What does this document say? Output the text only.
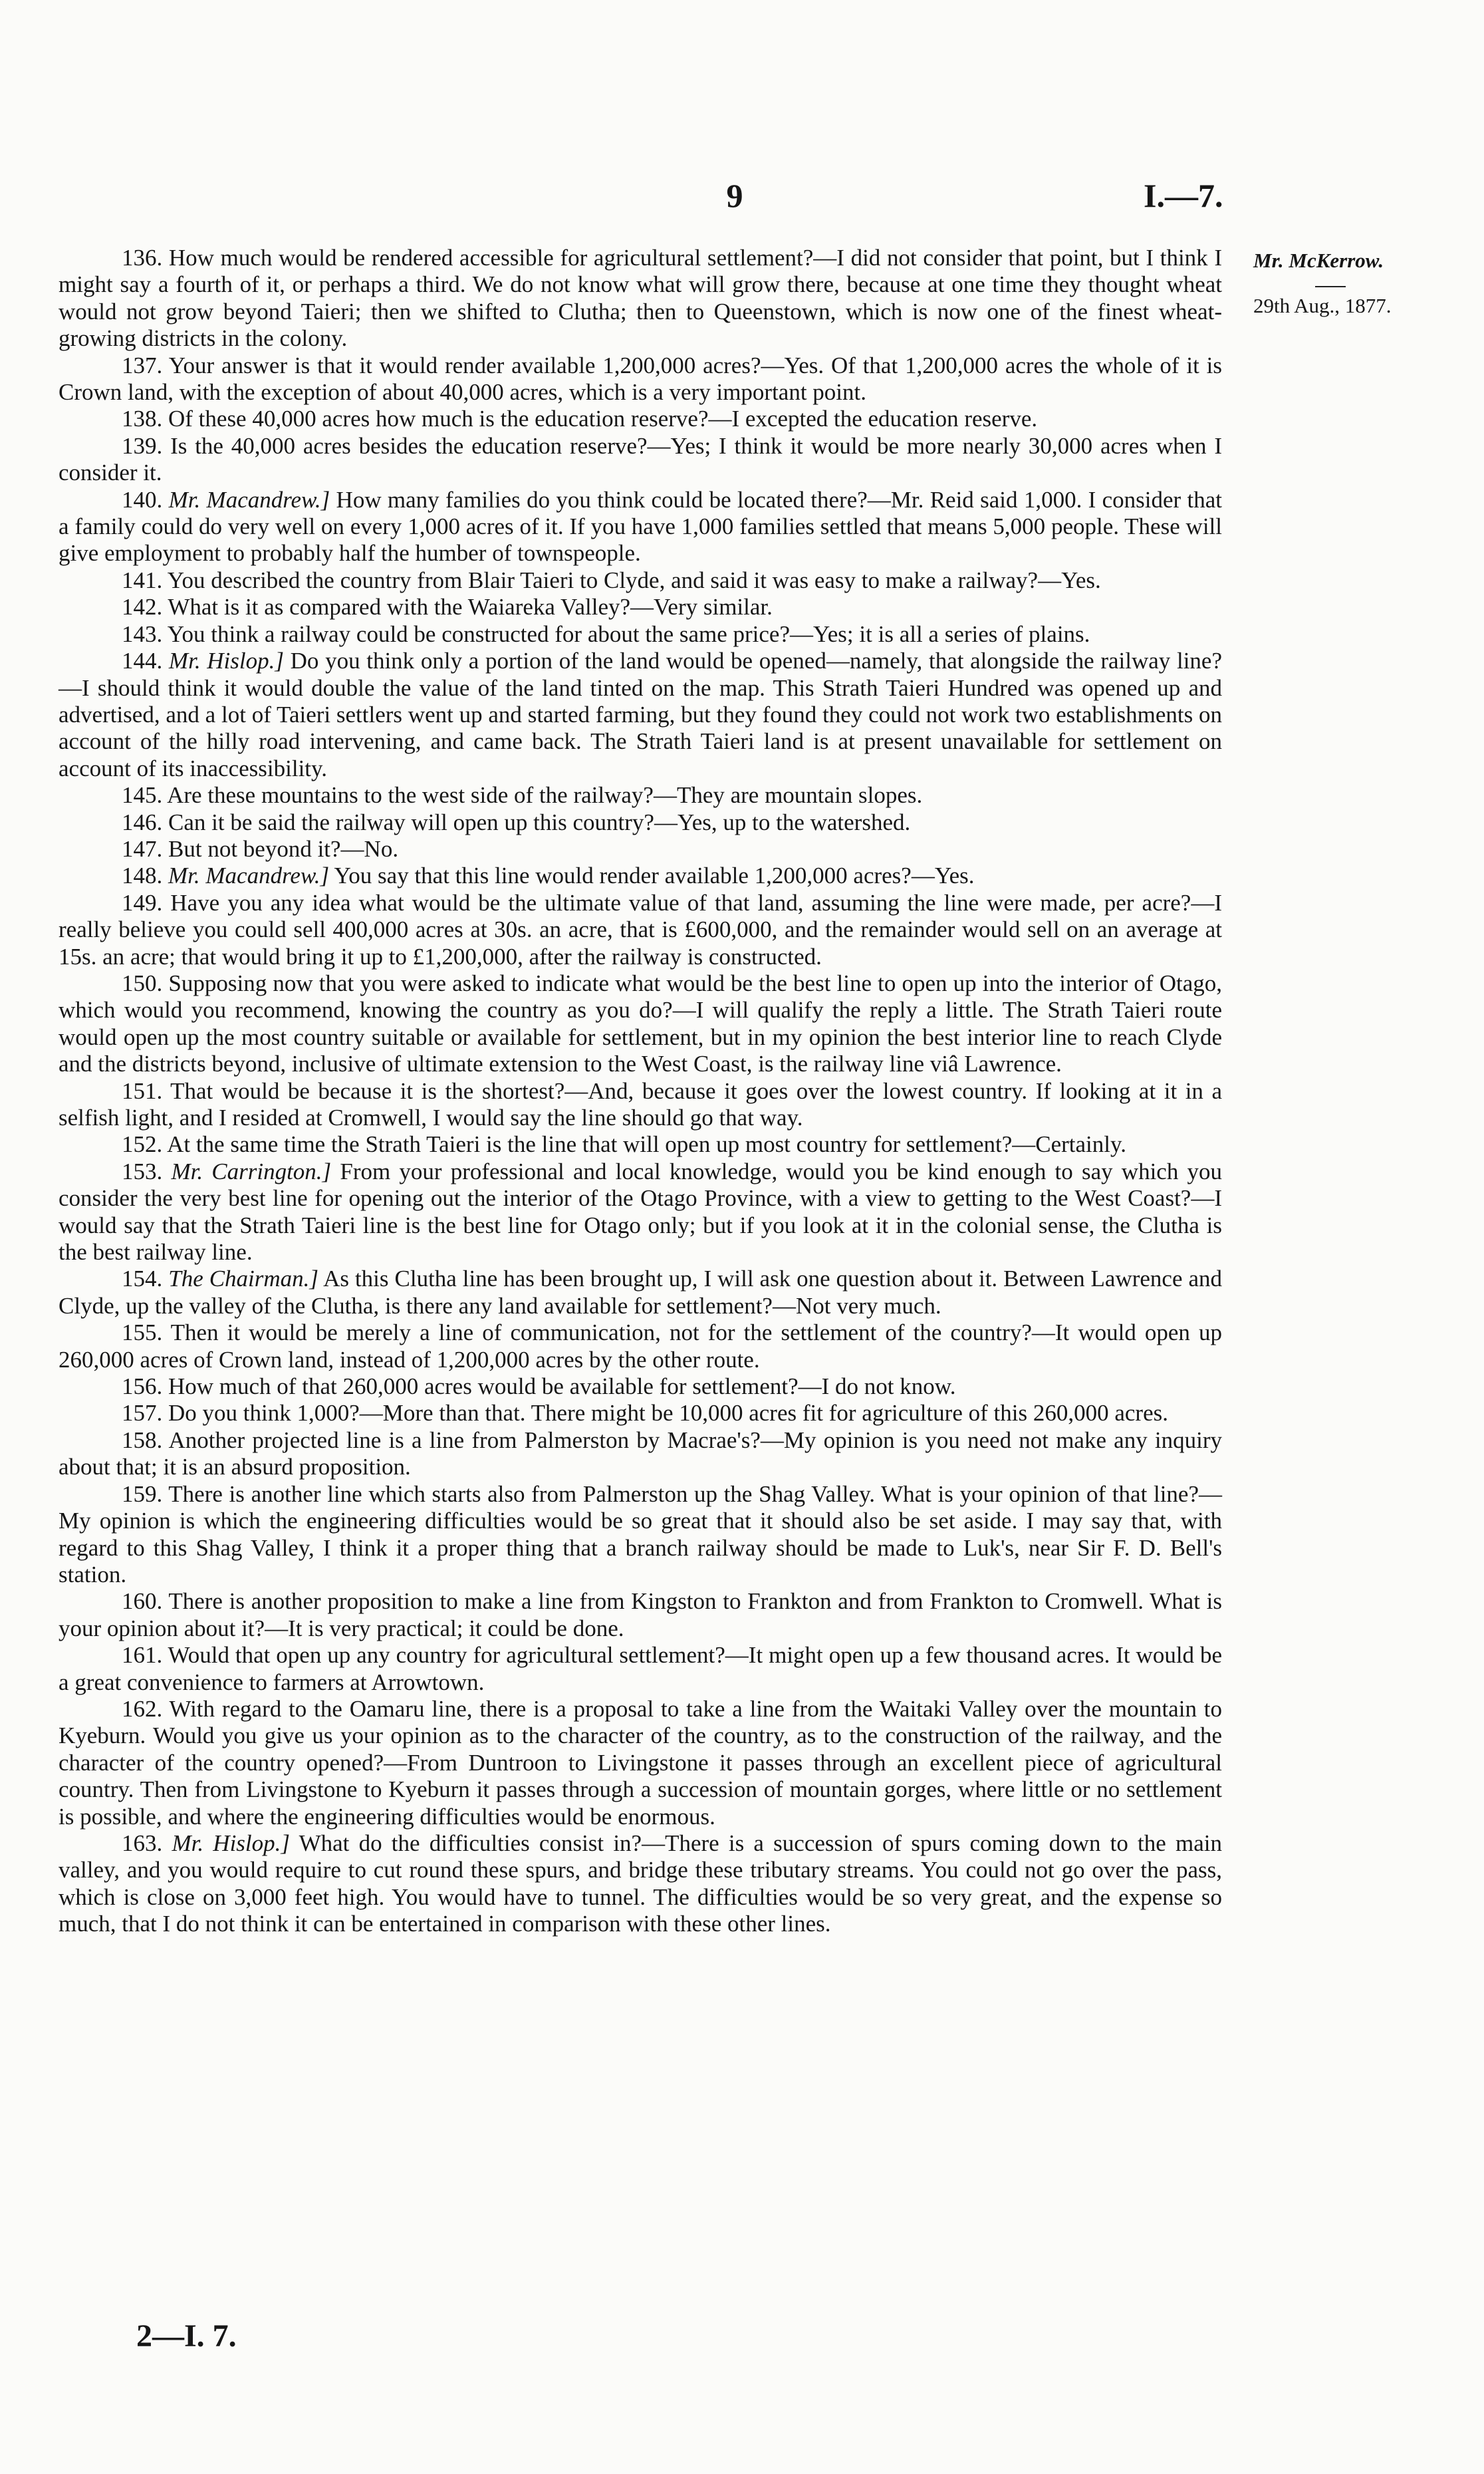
9	I.—7.
Mr. McKerrow.
29th Aug., 1877.

136. How much would be rendered accessible for agricultural settlement?—I did not consider that point, but I think I might say a fourth of it, or perhaps a third. We do not know what will grow there, because at one time they thought wheat would not grow beyond Taieri; then we shifted to Clutha; then to Queenstown, which is now one of the finest wheat-growing districts in the colony.

137. Your answer is that it would render available 1,200,000 acres?—Yes. Of that 1,200,000 acres the whole of it is Crown land, with the exception of about 40,000 acres, which is a very important point.

138. Of these 40,000 acres how much is the education reserve?—I excepted the education reserve.

139. Is the 40,000 acres besides the education reserve?—Yes; I think it would be more nearly 30,000 acres when I consider it.

140. Mr. Macandrew.] How many families do you think could be located there?—Mr. Reid said 1,000. I consider that a family could do very well on every 1,000 acres of it. If you have 1,000 families settled that means 5,000 people. These will give employment to probably half the humber of townspeople.

141. You described the country from Blair Taieri to Clyde, and said it was easy to make a railway?—Yes.

142. What is it as compared with the Waiareka Valley?—Very similar.

143. You think a railway could be constructed for about the same price?—Yes; it is all a series of plains.

144. Mr. Hislop.] Do you think only a portion of the land would be opened—namely, that alongside the railway line?—I should think it would double the value of the land tinted on the map. This Strath Taieri Hundred was opened up and advertised, and a lot of Taieri settlers went up and started farming, but they found they could not work two establishments on account of the hilly road intervening, and came back. The Strath Taieri land is at present unavailable for settlement on account of its inaccessibility.

145. Are these mountains to the west side of the railway?—They are mountain slopes.

146. Can it be said the railway will open up this country?—Yes, up to the watershed.

147. But not beyond it?—No.

148. Mr. Macandrew.] You say that this line would render available 1,200,000 acres?—Yes.

149. Have you any idea what would be the ultimate value of that land, assuming the line were made, per acre?—I really believe you could sell 400,000 acres at 30s. an acre, that is £600,000, and the remainder would sell on an average at 15s. an acre; that would bring it up to £1,200,000, after the railway is constructed.

150. Supposing now that you were asked to indicate what would be the best line to open up into the interior of Otago, which would you recommend, knowing the country as you do?—I will qualify the reply a little. The Strath Taieri route would open up the most country suitable or available for settlement, but in my opinion the best interior line to reach Clyde and the districts beyond, inclusive of ultimate extension to the West Coast, is the railway line viâ Lawrence.

151. That would be because it is the shortest?—And, because it goes over the lowest country. If looking at it in a selfish light, and I resided at Cromwell, I would say the line should go that way.

152. At the same time the Strath Taieri is the line that will open up most country for settlement?—Certainly.

153. Mr. Carrington.] From your professional and local knowledge, would you be kind enough to say which you consider the very best line for opening out the interior of the Otago Province, with a view to getting to the West Coast?—I would say that the Strath Taieri line is the best line for Otago only; but if you look at it in the colonial sense, the Clutha is the best railway line.

154. The Chairman.] As this Clutha line has been brought up, I will ask one question about it. Between Lawrence and Clyde, up the valley of the Clutha, is there any land available for settlement?—Not very much.

155. Then it would be merely a line of communication, not for the settlement of the country?—It would open up 260,000 acres of Crown land, instead of 1,200,000 acres by the other route.

156. How much of that 260,000 acres would be available for settlement?—I do not know.

157. Do you think 1,000?—More than that. There might be 10,000 acres fit for agriculture of this 260,000 acres.

158. Another projected line is a line from Palmerston by Macrae's?—My opinion is you need not make any inquiry about that; it is an absurd proposition.

159. There is another line which starts also from Palmerston up the Shag Valley. What is your opinion of that line?—My opinion is which the engineering difficulties would be so great that it should also be set aside. I may say that, with regard to this Shag Valley, I think it a proper thing that a branch railway should be made to Luk's, near Sir F. D. Bell's station.

160. There is another proposition to make a line from Kingston to Frankton and from Frankton to Cromwell. What is your opinion about it?—It is very practical; it could be done.

161. Would that open up any country for agricultural settlement?—It might open up a few thousand acres. It would be a great convenience to farmers at Arrowtown.

162. With regard to the Oamaru line, there is a proposal to take a line from the Waitaki Valley over the mountain to Kyeburn. Would you give us your opinion as to the character of the country, as to the construction of the railway, and the character of the country opened?—From Duntroon to Livingstone it passes through an excellent piece of agricultural country. Then from Livingstone to Kyeburn it passes through a succession of mountain gorges, where little or no settlement is possible, and where the engineering difficulties would be enormous.

163. Mr. Hislop.] What do the difficulties consist in?—There is a succession of spurs coming down to the main valley, and you would require to cut round these spurs, and bridge these tributary streams. You could not go over the pass, which is close on 3,000 feet high. You would have to tunnel. The difficulties would be so very great, and the expense so much, that I do not think it can be entertained in comparison with these other lines.

2—I. 7.
